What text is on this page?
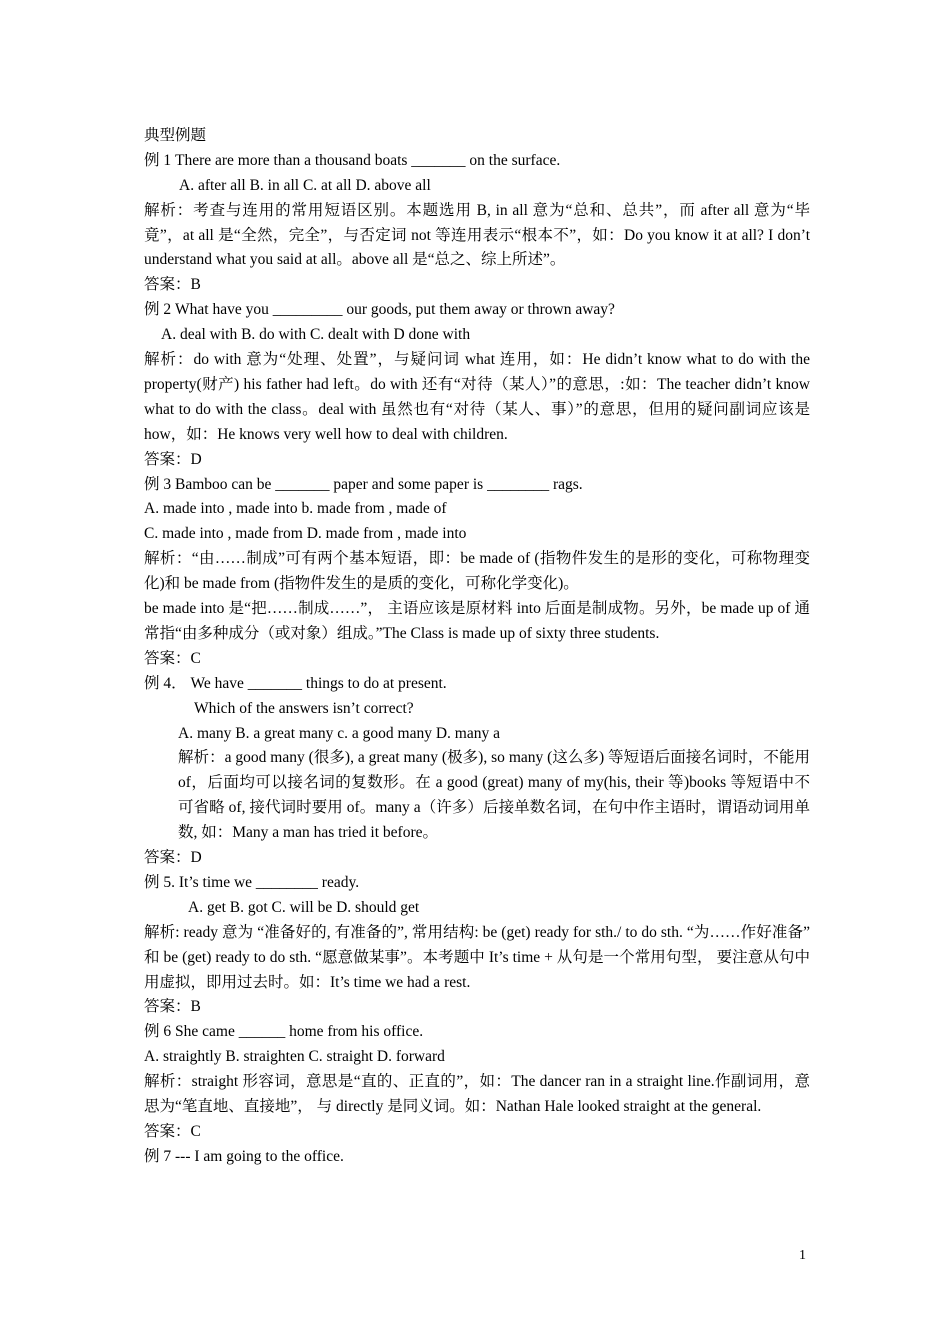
典型例题
例 1 There are more than a thousand boats _______ on the surface.
A. after all B. in all C. at all D. above all
解析：考查与连用的常用短语区别。本题选用 B, in all 意为“总和、总共”，而 after all 意为“毕竟”，at all 是“全然，完全”，与否定词 not 等连用表示“根本不”，如：Do you know it at all? I don’t understand what you said at all。above all 是“总之、综上所述”。
答案：B
例 2 What have you _________ our goods, put them away or thrown away?
A. deal with B. do with C. dealt with D done with
解析：do with 意为“处理、处置”，与疑问词 what 连用，如：He didn’t know what to do with the property(财产) his father had left。do with 还有“对待（某人）”的意思，:如：The teacher didn’t know what to do with the class。deal with 虽然也有“对待（某人、事）”的意思，但用的疑问副词应该是 how，如：He knows very well how to deal with children.
答案：D
例 3 Bamboo can be _______ paper and some paper is ________ rags.
A. made into , made into b. made from , made of
C. made into , made from D. made from , made into
解析：“由……制成”可有两个基本短语，即：be made of (指物件发生的是形的变化，可称物理变化)和 be made from (指物件发生的是质的变化，可称化学变化)。
be made into 是“把……制成……”， 主语应该是原材料 into 后面是制成物。另外，be made up of 通常指“由多种成分（或对象）组成。”The Class is made up of sixty three students.
答案：C
例 4． We have _______ things to do at present.
Which of the answers isn’t correct?
A. many B. a great many c. a good many D. many a
解析：a good many (很多), a great many (极多), so many (这么多) 等短语后面接名词时，不能用 of，后面均可以接名词的复数形。在 a good (great) many of my(his, their 等)books 等短语中不可省略 of, 接代词时要用 of。many a（许多）后接单数名词，在句中作主语时，谓语动词用单数, 如：Many a man has tried it before。
答案：D
例 5. It’s time we ________ ready.
A. get B. got C. will be D. should get
解析: ready 意为 “准备好的, 有准备的”, 常用结构: be (get) ready for sth./ to do sth. “为……作好准备” 和 be (get) ready to do sth. “愿意做某事”。本考题中 It’s time + 从句是一个常用句型， 要注意从句中用虚拟，即用过去时。如：It’s time we had a rest.
答案：B
例 6 She came ______ home from his office.
A. straightly B. straighten C. straight D. forward
解析：straight 形容词，意思是“直的、正直的”，如：The dancer ran in a straight line.作副词用，意思为“笔直地、直接地”， 与 directly 是同义词。如：Nathan Hale looked straight at the general.
答案：C
例 7 --- I am going to the office.
1
